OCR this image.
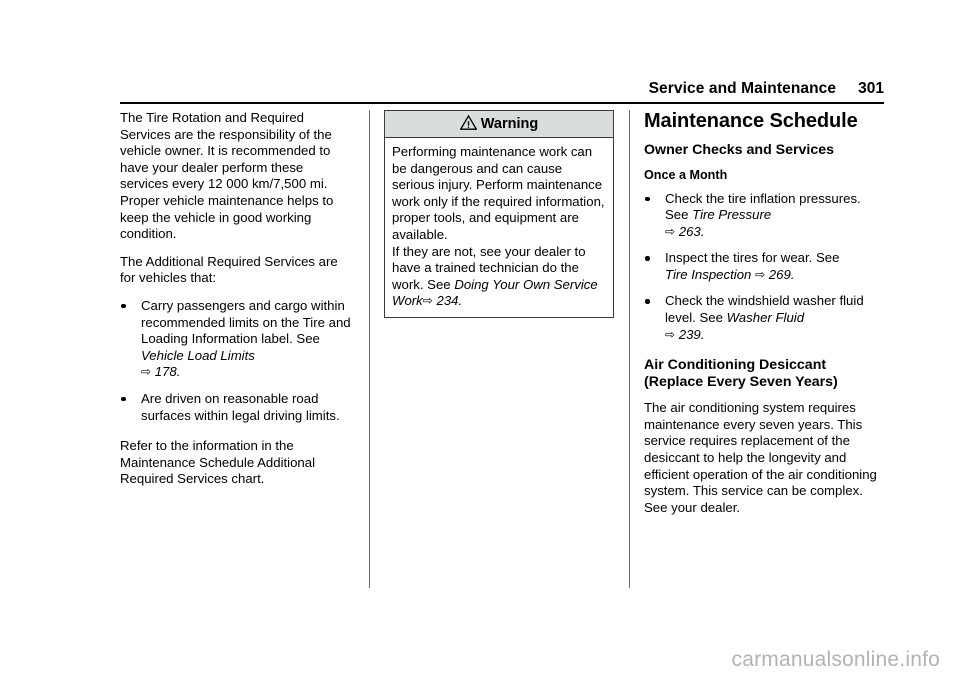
Service and Maintenance 301

The Tire Rotation and Required Services are the responsibility of the vehicle owner. It is recommended to have your dealer perform these services every 12 000 km/7,500 mi. Proper vehicle maintenance helps to keep the vehicle in good working condition.

The Additional Required Services are for vehicles that:

Carry passengers and cargo within recommended limits on the Tire and Loading Information label. See Vehicle Load Limits
⇨ 178.
Are driven on reasonable road surfaces within legal driving limits.

Refer to the information in the Maintenance Schedule Additional Required Services chart.

Warning

Performing maintenance work can be dangerous and can cause serious injury. Perform maintenance work only if the required information, proper tools, and equipment are available.
If they are not, see your dealer to have a trained technician do the work. See Doing Your Own Service Work⇨ 234.

Maintenance Schedule
Owner Checks and Services
Once a Month
Check the tire inflation pressures. See Tire Pressure
⇨ 263.
Inspect the tires for wear. See
Tire Inspection ⇨ 269.
Check the windshield washer fluid level. See Washer Fluid
⇨ 239.
Air Conditioning Desiccant (Replace Every Seven Years)

The air conditioning system requires maintenance every seven years. This service requires replacement of the desiccant to help the longevity and efficient operation of the air conditioning system. This service can be complex. See your dealer.

carmanualsonline.info
